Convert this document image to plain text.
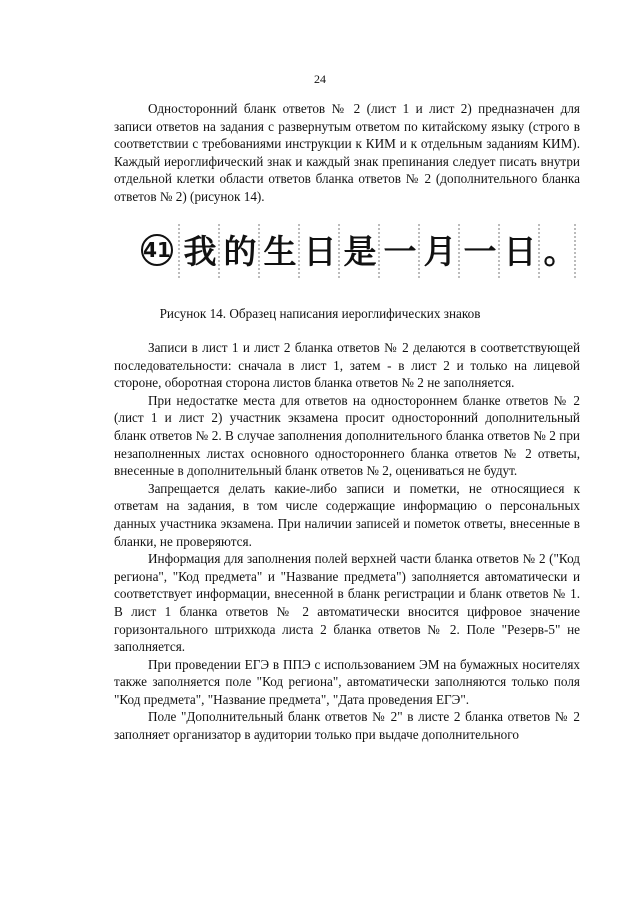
24

Односторонний бланк ответов № 2 (лист 1 и лист 2) предназначен для записи ответов на задания с развернутым ответом по китайскому языку (строго в соответствии с требованиями инструкции к КИМ и к отдельным заданиям КИМ). Каждый иероглифический знак и каждый знак препинания следует писать внутри отдельной клетки области ответов бланка ответов № 2 (дополнительного бланка ответов № 2) (рисунок 14).

41 我 的 生 日 是 一 月 一 日 。
Рисунок 14. Образец написания иероглифических знаков

Записи в лист 1 и лист 2 бланка ответов № 2 делаются в соответствующей последовательности: сначала в лист 1, затем - в лист 2 и только на лицевой стороне, оборотная сторона листов бланка ответов № 2 не заполняется.

При недостатке места для ответов на одностороннем бланке ответов № 2 (лист 1 и лист 2) участник экзамена просит односторонний дополнительный бланк ответов № 2. В случае заполнения дополнительного бланка ответов № 2 при незаполненных листах основного одностороннего бланка ответов № 2 ответы, внесенные в дополнительный бланк ответов № 2, оцениваться не будут.

Запрещается делать какие-либо записи и пометки, не относящиеся к ответам на задания, в том числе содержащие информацию о персональных данных участника экзамена. При наличии записей и пометок ответы, внесенные в бланки, не проверяются.

Информация для заполнения полей верхней части бланка ответов № 2 ("Код региона", "Код предмета" и "Название предмета") заполняется автоматически и соответствует информации, внесенной в бланк регистрации и бланк ответов № 1. В лист 1 бланка ответов № 2 автоматически вносится цифровое значение горизонтального штрихкода листа 2 бланка ответов № 2. Поле "Резерв-5" не заполняется.

При проведении ЕГЭ в ППЭ с использованием ЭМ на бумажных носителях также заполняется поле "Код региона", автоматически заполняются только поля "Код предмета", "Название предмета", "Дата проведения ЕГЭ".

Поле "Дополнительный бланк ответов № 2" в листе 2 бланка ответов № 2 заполняет организатор в аудитории только при выдаче дополнительного
